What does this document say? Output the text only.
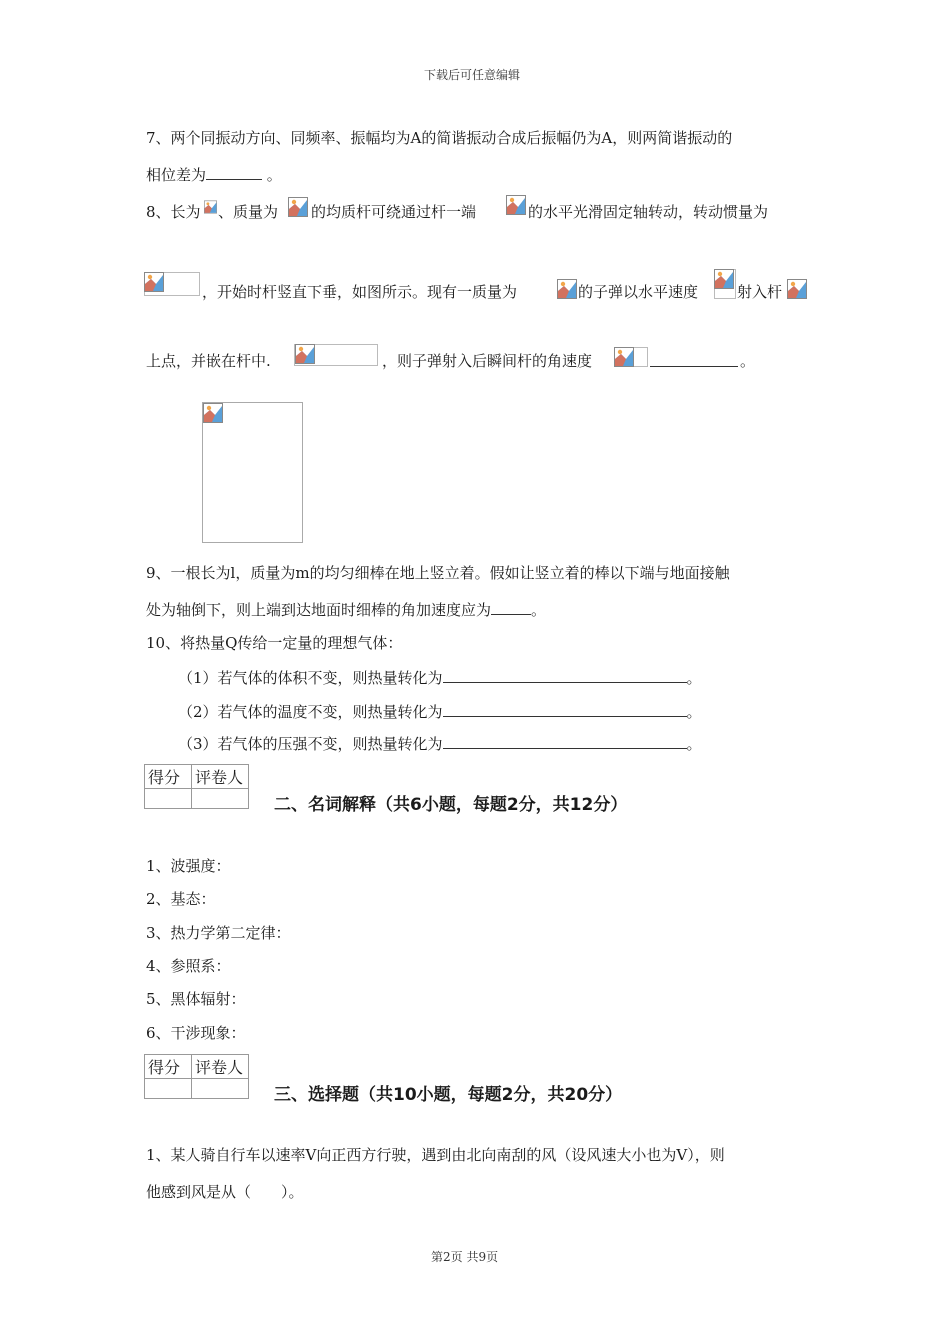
下载后可任意编辑
7、两个同振动方向、同频率、振幅均为A的简谐振动合成后振幅仍为A，则两简谐振动的
相位差为	。
8、长为 、质量为 的均质杆可绕通过杆一端	的水平光滑固定轴转动，转动惯量为
，开始时杆竖直下垂，如图所示。现有一质量为	的子弹以水平速度	射入杆
上点，并嵌在杆中.	，则子弹射入后瞬间杆的角速度	。
9、一根长为l，质量为m的均匀细棒在地上竖立着。假如让竖立着的棒以下端与地面接触
处为轴倒下，则上端到达地面时细棒的角加速度应为	。
10、将热量Q传给一定量的理想气体：
（1）若气体的体积不变，则热量转化为	。
（2）若气体的温度不变，则热量转化为	。
（3）若气体的压强不变，则热量转化为	。
得分	评卷人

二、名词解释（共6小题，每题2分，共12分）
1、波强度：
2、基态：
3、热力学第二定律：
4、参照系：
5、黑体辐射：
6、干涉现象：
得分	评卷人

三、选择题（共10小题，每题2分，共20分）
1、某人骑自行车以速率V向正西方行驶，遇到由北向南刮的风（设风速大小也为V），则
他感到风是从（　　）。
第2页 共9页
